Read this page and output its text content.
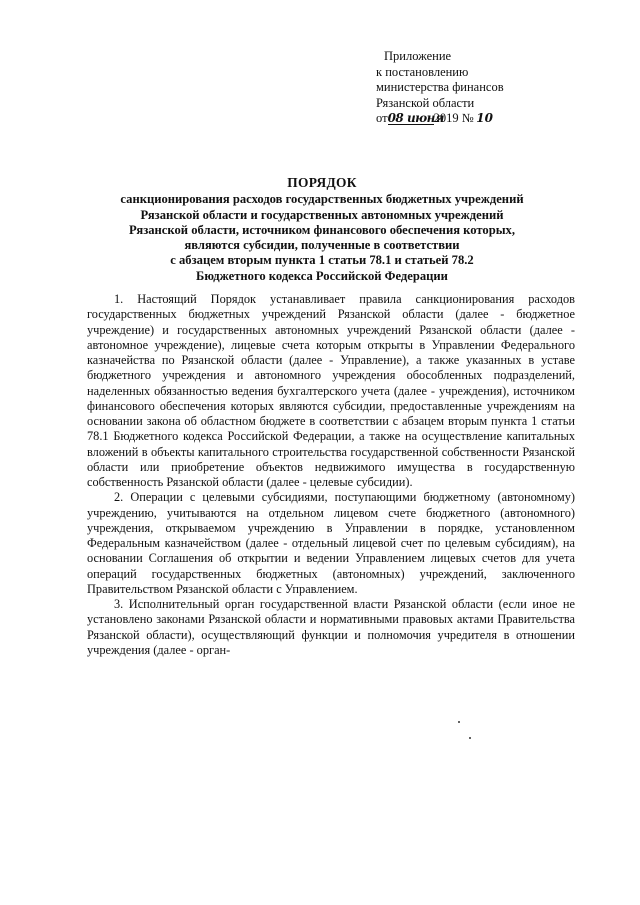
Приложение
к постановлению
министерства финансов
Рязанской области
от08 июня2019 № 10
ПОРЯДОК
санкционирования расходов государственных бюджетных учреждений
Рязанской области и государственных автономных учреждений
Рязанской области, источником финансового обеспечения которых,
являются субсидии, полученные в соответствии
с абзацем вторым пункта 1 статьи 78.1 и статьей 78.2
Бюджетного кодекса Российской Федерации

1. Настоящий Порядок устанавливает правила санкционирования расходов государственных бюджетных учреждений Рязанской области (далее - бюджетное учреждение) и государственных автономных учреждений Рязанской области (далее - автономное учреждение), лицевые счета которым открыты в Управлении Федерального казначейства по Рязанской области (далее - Управление), а также указанных в уставе бюджетного учреждения и автономного учреждения обособленных подразделений, наделенных обязанностью ведения бухгалтерского учета (далее - учреждения), источником финансового обеспечения которых являются субсидии, предоставленные учреждениям на основании закона об областном бюджете в соответствии с абзацем вторым пункта 1 статьи 78.1 Бюджетного кодекса Российской Федерации, а также на осуществление капитальных вложений в объекты капитального строительства государственной собственности Рязанской области или приобретение объектов недвижимого имущества в государственную собственность Рязанской области (далее - целевые субсидии).

2. Операции с целевыми субсидиями, поступающими бюджетному (автономному) учреждению, учитываются на отдельном лицевом счете бюджетного (автономного) учреждения, открываемом учреждению в Управлении в порядке, установленном Федеральным казначейством (далее - отдельный лицевой счет по целевым субсидиям), на основании Соглашения об открытии и ведении Управлением лицевых счетов для учета операций государственных бюджетных (автономных) учреждений, заключенного Правительством Рязанской области с Управлением.

3. Исполнительный орган государственной власти Рязанской области (если иное не установлено законами Рязанской области и нормативными правовых актами Правительства Рязанской области), осуществляющий функции и полномочия учредителя в отношении учреждения (далее - орган-
